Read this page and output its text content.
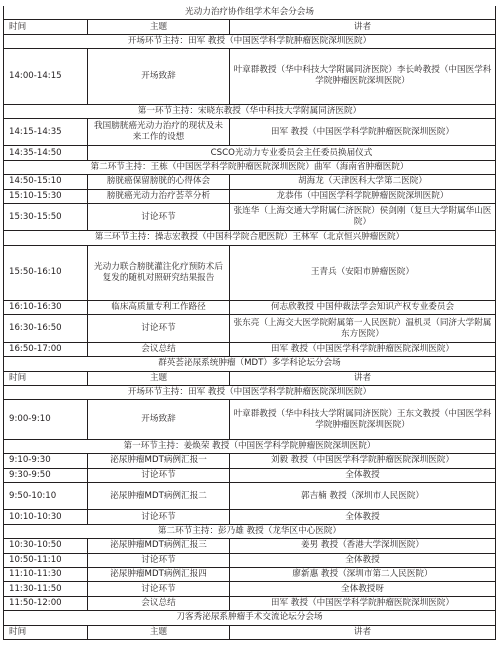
光动力治疗协作组学术年会分会场		
时间	主题	讲者
开场环节主持：田军 教授（中国医学科学院肿瘤医院深圳医院）		
14:00-14:15	开场致辞	叶章群教授（华中科技大学附属同济医院）李长岭教授（中国医学科学院肿瘤医院深圳医院）
第一环节主持：宋晓东教授（华中科技大学附属同济医院）		
14:15-14:35	我国膀胱癌光动力治疗的现状及未来工作的设想	田军 教授（中国医学科学院肿瘤医院深圳医院）
14:35-14:50	CSCO光动力专业委员会主任委员换届仪式	
第二环节主持：王栋（中国医学科学院肿瘤医院深圳医院）曲军（海南省肿瘤医院）		
14:50-15:10	膀胱癌保留膀胱的心得体会	胡海龙（天津医科大学第二医院）
15:10-15:30	膀胱癌光动力治疗荟萃分析	龙恭伟（中国医学科学院肿瘤医院深圳医院）
15:30-15:50	讨论环节	张连华（上海交通大学附属仁济医院）侯剑刚（复旦大学附属华山医院）
第三环节主持：操志宏教授（中国科学院合肥医院）王林军（北京恒兴肿瘤医院）		
15:50-16:10	光动力联合膀胱灌注化疗预防术后复发的随机对照研究结果报告	王青兵（安阳市肿瘤医院）
16:10-16:30	临床高质量专利工作路径	何志欣教授 中国仲裁法学会知识产权专业委员会
16:30-16:50	讨论环节	张东亮（上海交大医学院附属第一人民医院）温机灵（同济大学附属东方医院）
16:50-17:00	会议总结	田军 教授（中国医学科学院肿瘤医院深圳医院）
群英荟泌尿系统肿瘤（MDT）多学科论坛分会场		
时间	主题	讲者
开场环节主持：田军 教授（中国医学科学院肿瘤医院深圳医院）		
9:00-9:10	开场致辞	叶章群教授（华中科技大学附属同济医院）王东文教授（中国医学科学院肿瘤医院深圳医院）
第一环节主持：姜焕荣 教授（中国医学科学院肿瘤医院深圳医院）		
9:10-9:30	泌尿肿瘤MDT病例汇报一	刘毅 教授（中国医学科学院肿瘤医院深圳医院）
9:30-9:50	讨论环节	全体教授
9:50-10:10	泌尿肿瘤MDT病例汇报二	郭吉楠 教授（深圳市人民医院）
10:10-10:30	讨论环节	全体教授
第二环节主持：彭乃雄 教授（龙华区中心医院）		
10:30-10:50	泌尿肿瘤MDT病例汇报三	姜男 教授（香港大学深圳医院）
10:50-11:10	讨论环节	全体教授
11:10-11:30	泌尿肿瘤MDT病例汇报四	廖新惠 教授（深圳市第二人民医院）
11:30-11:50	讨论环节	全体教授呀
11:50-12:00	会议总结	田军 教授（中国医学科学院肿瘤医院深圳医院）
刀客秀泌尿系肿瘤手术交流论坛分会场		
时间	主题	讲者
